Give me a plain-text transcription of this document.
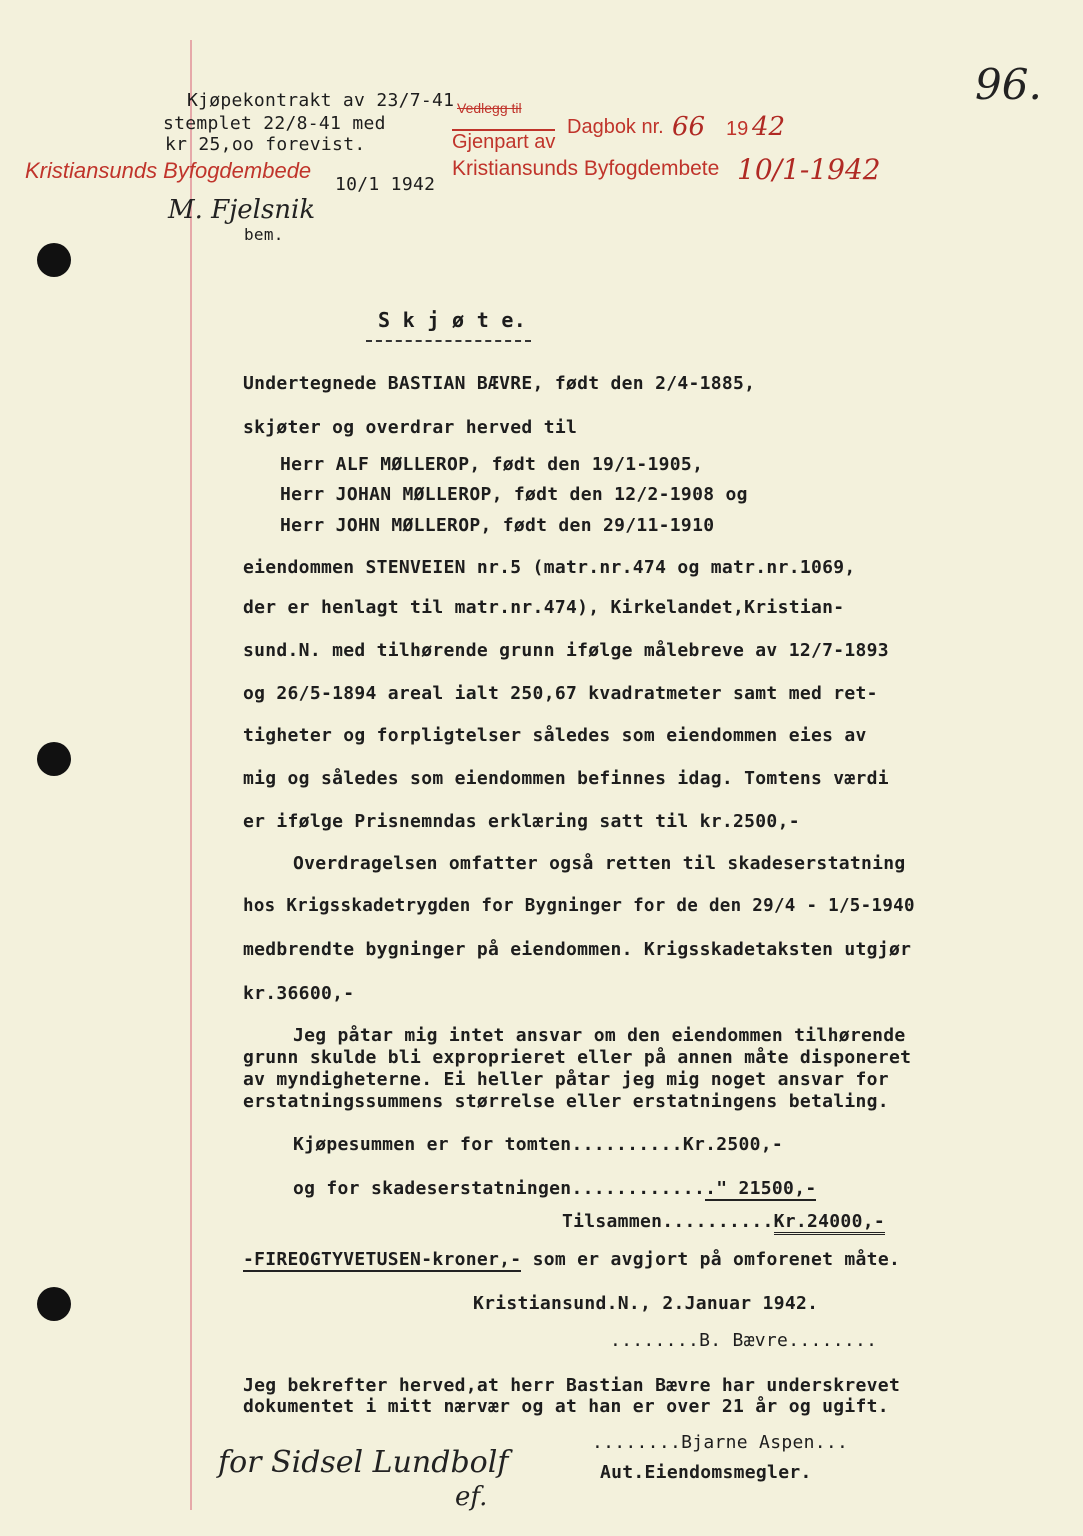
96.
Kjøpekontrakt av 23/7-41
stemplet 22/8-41 med
kr 25,oo forevist.
Kristiansunds Byfogdembede
10/1 1942
M. Fjelsnik
bem.
Vedlegg til
Gjenpart av
Dagbok nr. 66 19 42
Kristiansunds Byfogdembete 10/1-1942
S k j ø t e.
Undertegnede BASTIAN BÆVRE, født den 2/4-1885,
skjøter og overdrar herved til
Herr ALF MØLLEROP, født den 19/1-1905,
Herr JOHAN MØLLEROP, født den 12/2-1908 og
Herr JOHN MØLLEROP, født den 29/11-1910
eiendommen STENVEIEN nr.5 (matr.nr.474 og matr.nr.1069,
der er henlagt til matr.nr.474), Kirkelandet,Kristian-
sund.N. med tilhørende grunn ifølge målebreve av 12/7-1893
og 26/5-1894 areal ialt 250,67 kvadratmeter samt med ret-
tigheter og forpligtelser således som eiendommen eies av
mig og således som eiendommen befinnes idag. Tomtens værdi
er ifølge Prisnemndas erklæring satt til kr.2500,-
Overdragelsen omfatter også retten til skadeserstatning
hos Krigsskadetrygden for Bygninger for de den 29/4 - 1/5-1940
medbrendte bygninger på eiendommen. Krigsskadetaksten utgjør
kr.36600,-
Jeg påtar mig intet ansvar om den eiendommen tilhørende
grunn skulde bli exproprieret eller på annen måte disponeret
av myndigheterne. Ei heller påtar jeg mig noget ansvar for
erstatningssummens størrelse eller erstatningens betaling.
Kjøpesummen er for tomten..........Kr.2500,-
og for skadeserstatningen............." 21500,-
Tilsammen..........Kr.24000,-
-FIREOGTYVETUSEN-kroner,- som er avgjort på omforenet måte.
Kristiansund.N., 2.Januar 1942.
........B. Bævre........
Jeg bekrefter herved,at herr Bastian Bævre har underskrevet
dokumentet i mitt nærvær og at han er over 21 år og ugift.
for Sidsel Lundbolf
ef.
........Bjarne Aspen...
Aut.Eiendomsmegler.
